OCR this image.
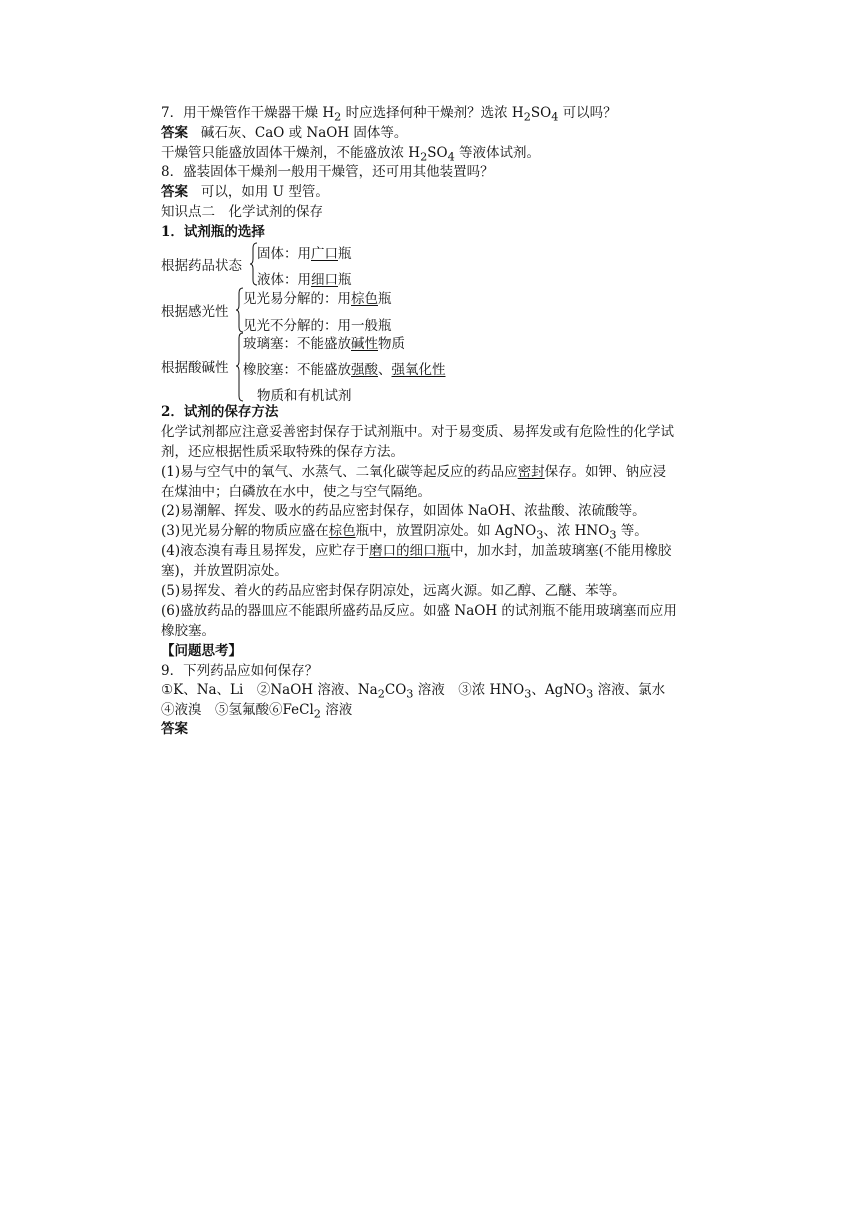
7．用干燥管作干燥器干燥 $H_2$ 时应选择何种干燥剂？选浓 $H_2SO_4$ 可以吗？
答案 碱石灰、CaO 或 NaOH 固体等。
干燥管只能盛放固体干燥剂，不能盛放浓 $H_2SO_4$ 等液体试剂。
8．盛装固体干燥剂一般用干燥管，还可用其他装置吗？
答案 可以，如用 U 型管。
知识点二　化学试剂的保存
1．试剂瓶的选择
根据药品状态
固体：用广口瓶
液体：用细口瓶
根据感光性
见光易分解的：用棕色瓶
见光不分解的：用一般瓶
根据酸碱性
玻璃塞：不能盛放碱性物质
橡胶塞：不能盛放强酸、强氧化性
物质和有机试剂
2．试剂的保存方法
化学试剂都应注意妥善密封保存于试剂瓶中。对于易变质、易挥发或有危险性的化学试
剂，还应根据性质采取特殊的保存方法。
(1)易与空气中的氧气、水蒸气、二氧化碳等起反应的药品应密封保存。如钾、钠应浸
在煤油中；白磷放在水中，使之与空气隔绝。
(2)易潮解、挥发、吸水的药品应密封保存，如固体 NaOH、浓盐酸、浓硫酸等。
(3)见光易分解的物质应盛在棕色瓶中，放置阴凉处。如 AgNO$_3$、浓 $HNO_3$ 等。
(4)液态溴有毒且易挥发，应贮存于磨口的细口瓶中，加水封，加盖玻璃塞(不能用橡胶
塞)，并放置阴凉处。
(5)易挥发、着火的药品应密封保存阴凉处，远离火源。如乙醇、乙醚、苯等。
(6)盛放药品的器皿应不能跟所盛药品反应。如盛 NaOH 的试剂瓶不能用玻璃塞而应用
橡胶塞。
【问题思考】
9．下列药品应如何保存？
①K、Na、Li　②NaOH 溶液、$Na_2CO_3$ 溶液　③浓 $HNO_3$、AgNO$_3$ 溶液、氯水
④液溴　⑤氢氟酸⑥FeCl$_2$ 溶液
答案
